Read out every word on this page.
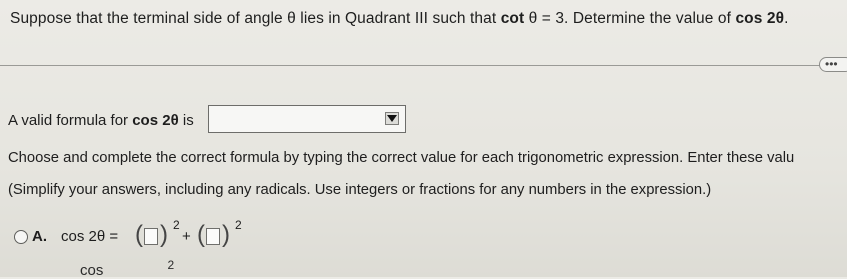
Suppose that the terminal side of angle θ lies in Quadrant III such that cot θ = 3. Determine the value of cos 2θ.
•••
A valid formula for cos 2θ is
Choose and complete the correct formula by typing the correct value for each trigonometric expression. Enter these valu
(Simplify your answers, including any radicals. Use integers or fractions for any numbers in the expression.)
A. cos 2θ = ( ) 2
+ ( ) 2
cos	$^2$
